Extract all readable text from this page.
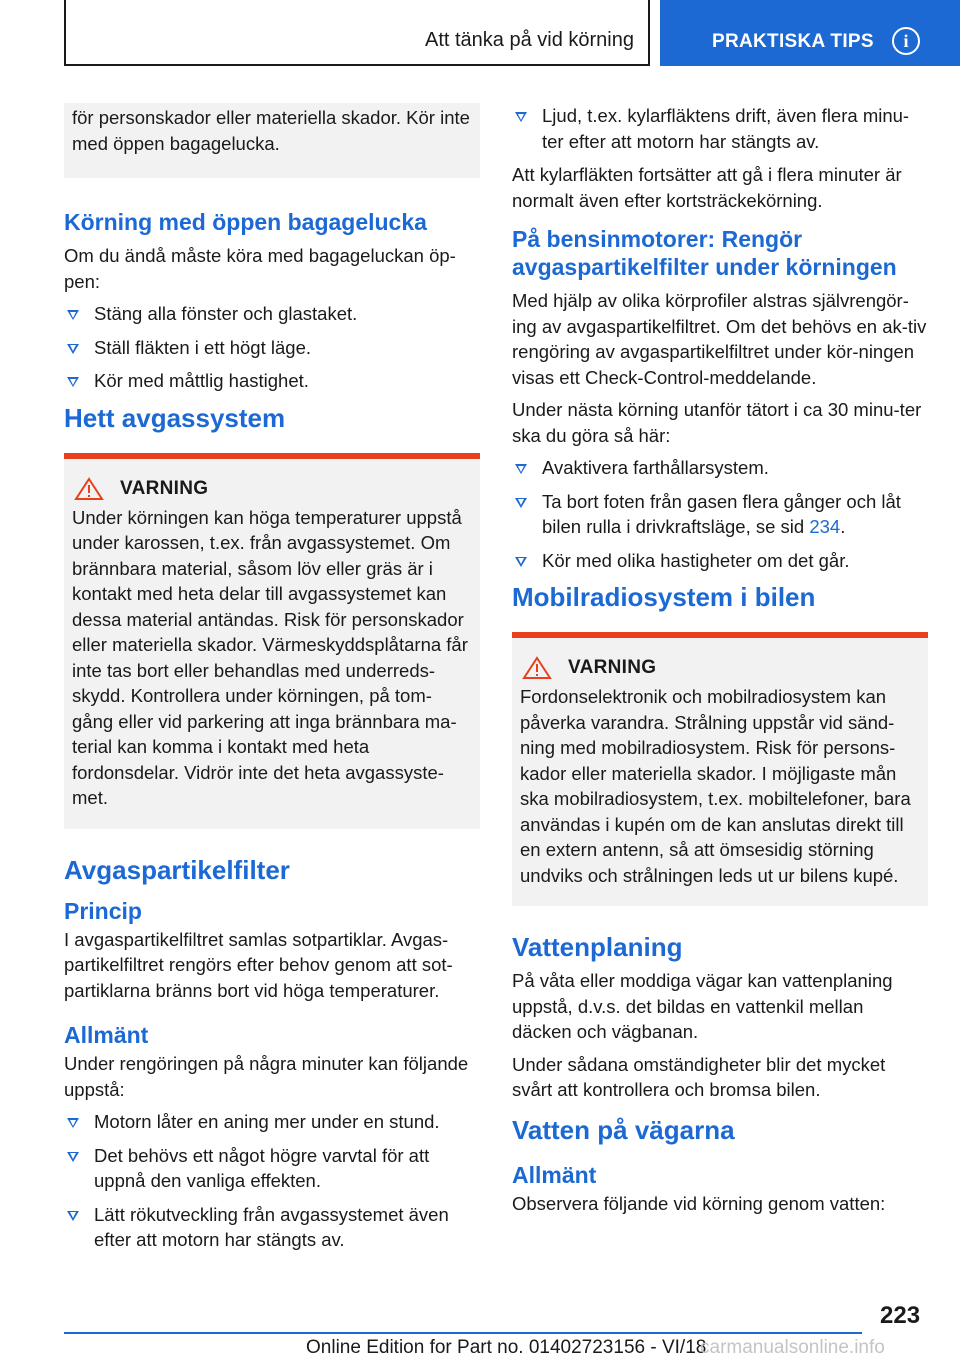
Att tänka på vid körning	PRAKTISKA TIPS	i
för personskador eller materiella skador. Kör inte med öppen bagagelucka.
Körning med öppen bagagelucka

Om du ändå måste köra med bagageluckan öp-pen:

Stäng alla fönster och glastaket.
Ställ fläkten i ett högt läge.
Kör med måttlig hastighet.
Hett avgassystem
VARNING
Under körningen kan höga temperaturer uppstå under karossen, t.ex. från avgassystemet. Om brännbara material, såsom löv eller gräs är i kontakt med heta delar till avgassystemet kan dessa material antändas. Risk för personskador eller materiella skador. Värmeskyddsplåtarna får inte tas bort eller behandlas med underreds-skydd. Kontrollera under körningen, på tom-gång eller vid parkering att inga brännbara ma-terial kan komma i kontakt med heta fordonsdelar. Vidrör inte det heta avgassyste-met.
Avgaspartikelfilter
Princip

I avgaspartikelfiltret samlas sotpartiklar. Avgas-partikelfiltret rengörs efter behov genom att sot-partiklarna bränns bort vid höga temperaturer.

Allmänt

Under rengöringen på några minuter kan följande uppstå:

Motorn låter en aning mer under en stund.
Det behövs ett något högre varvtal för att uppnå den vanliga effekten.
Lätt rökutveckling från avgassystemet även efter att motorn har stängts av.
Ljud, t.ex. kylarfläktens drift, även flera minu-ter efter att motorn har stängts av.

Att kylarfläkten fortsätter att gå i flera minuter är normalt även efter kortsträckekörning.

På bensinmotorer: Rengör avgaspartikelfilter under körningen

Med hjälp av olika körprofiler alstras självrengör-ing av avgaspartikelfiltret. Om det behövs en ak-tiv rengöring av avgaspartikelfiltret under kör-ningen visas ett Check-Control-meddelande.

Under nästa körning utanför tätort i ca 30 minu-ter ska du göra så här:

Avaktivera farthållarsystem.
Ta bort foten från gasen flera gånger och låt bilen rulla i drivkraftsläge, se sid 234.
Kör med olika hastigheter om det går.
Mobilradiosystem i bilen
VARNING
Fordonselektronik och mobilradiosystem kan påverka varandra. Strålning uppstår vid sänd-ning med mobilradiosystem. Risk för persons-kador eller materiella skador. I möjligaste mån ska mobilradiosystem, t.ex. mobiltelefoner, bara användas i kupén om de kan anslutas direkt till en extern antenn, så att ömsesidig störning undviks och strålningen leds ut ur bilens kupé.
Vattenplaning

På våta eller moddiga vägar kan vattenplaning uppstå, d.v.s. det bildas en vattenkil mellan däcken och vägbanan.

Under sådana omständigheter blir det mycket svårt att kontrollera och bromsa bilen.

Vatten på vägarna
Allmänt

Observera följande vid körning genom vatten:

223
Online Edition for Part no. 01402723156 - VI/18
carmanualsonline.info
